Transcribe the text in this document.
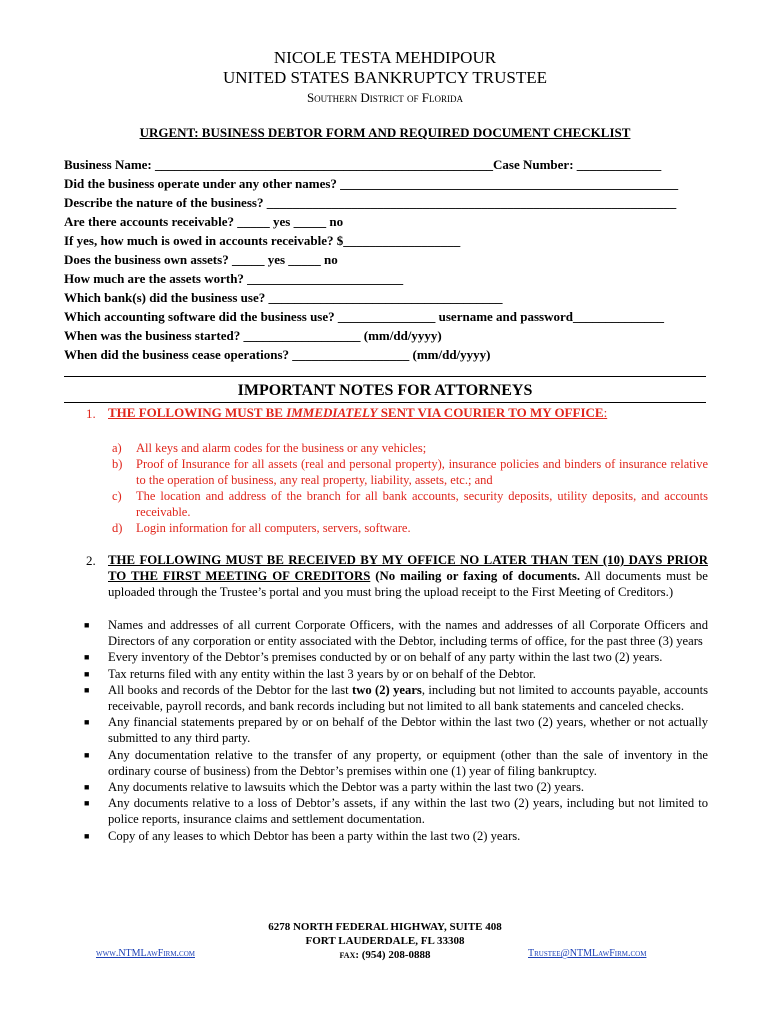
NICOLE TESTA MEHDIPOUR
UNITED STATES BANKRUPTCY TRUSTEE
Southern District of Florida
URGENT: BUSINESS DEBTOR FORM AND REQUIRED DOCUMENT CHECKLIST
Business Name: ____________________________________________________Case Number: _____________
Did the business operate under any other names? ____________________________________________________
Describe the nature of the business? _______________________________________________________________
Are there accounts receivable? _____ yes _____ no
If yes, how much is owed in accounts receivable? $__________________
Does the business own assets? _____ yes _____ no
How much are the assets worth? ________________________
Which bank(s) did the business use? ____________________________________
Which accounting software did the business use? _______________ username and password______________
When was the business started? __________________ (mm/dd/yyyy)
When did the business cease operations? __________________ (mm/dd/yyyy)
IMPORTANT NOTES FOR ATTORNEYS
1. THE FOLLOWING MUST BE IMMEDIATELY SENT VIA COURIER TO MY OFFICE:
a)	All keys and alarm codes for the business or any vehicles;
b)	Proof of Insurance for all assets (real and personal property), insurance policies and binders of insurance relative to the operation of business, any real property, liability, assets, etc.; and
c)	The location and address of the branch for all bank accounts, security deposits, utility deposits, and accounts receivable.
d)	Login information for all computers, servers, software.
2. THE FOLLOWING MUST BE RECEIVED BY MY OFFICE NO LATER THAN TEN (10) DAYS PRIOR TO THE FIRST MEETING OF CREDITORS (No mailing or faxing of documents. All documents must be uploaded through the Trustee’s portal and you must bring the upload receipt to the First Meeting of Creditors.)
■	Names and addresses of all current Corporate Officers, with the names and addresses of all Corporate Officers and Directors of any corporation or entity associated with the Debtor, including terms of office, for the past three (3) years
■	Every inventory of the Debtor’s premises conducted by or on behalf of any party within the last two (2) years.
■	Tax returns filed with any entity within the last 3 years by or on behalf of the Debtor.
■	All books and records of the Debtor for the last two (2) years, including but not limited to accounts payable, accounts receivable, payroll records, and bank records including but not limited to all bank statements and canceled checks.
■	Any financial statements prepared by or on behalf of the Debtor within the last two (2) years, whether or not actually submitted to any third party.
■	Any documentation relative to the transfer of any property, or equipment (other than the sale of inventory in the ordinary course of business) from the Debtor’s premises within one (1) year of filing bankruptcy.
■	Any documents relative to lawsuits which the Debtor was a party within the last two (2) years.
■	Any documents relative to a loss of Debtor’s assets, if any within the last two (2) years, including but not limited to police reports, insurance claims and settlement documentation.
■	Copy of any leases to which Debtor has been a party within the last two (2) years.
6278 NORTH FEDERAL HIGHWAY, SUITE 408
FORT LAUDERDALE, FL 33308
fax: (954) 208-0888
www.NTMLawFirm.com	Trustee@NTMLawFirm.com
